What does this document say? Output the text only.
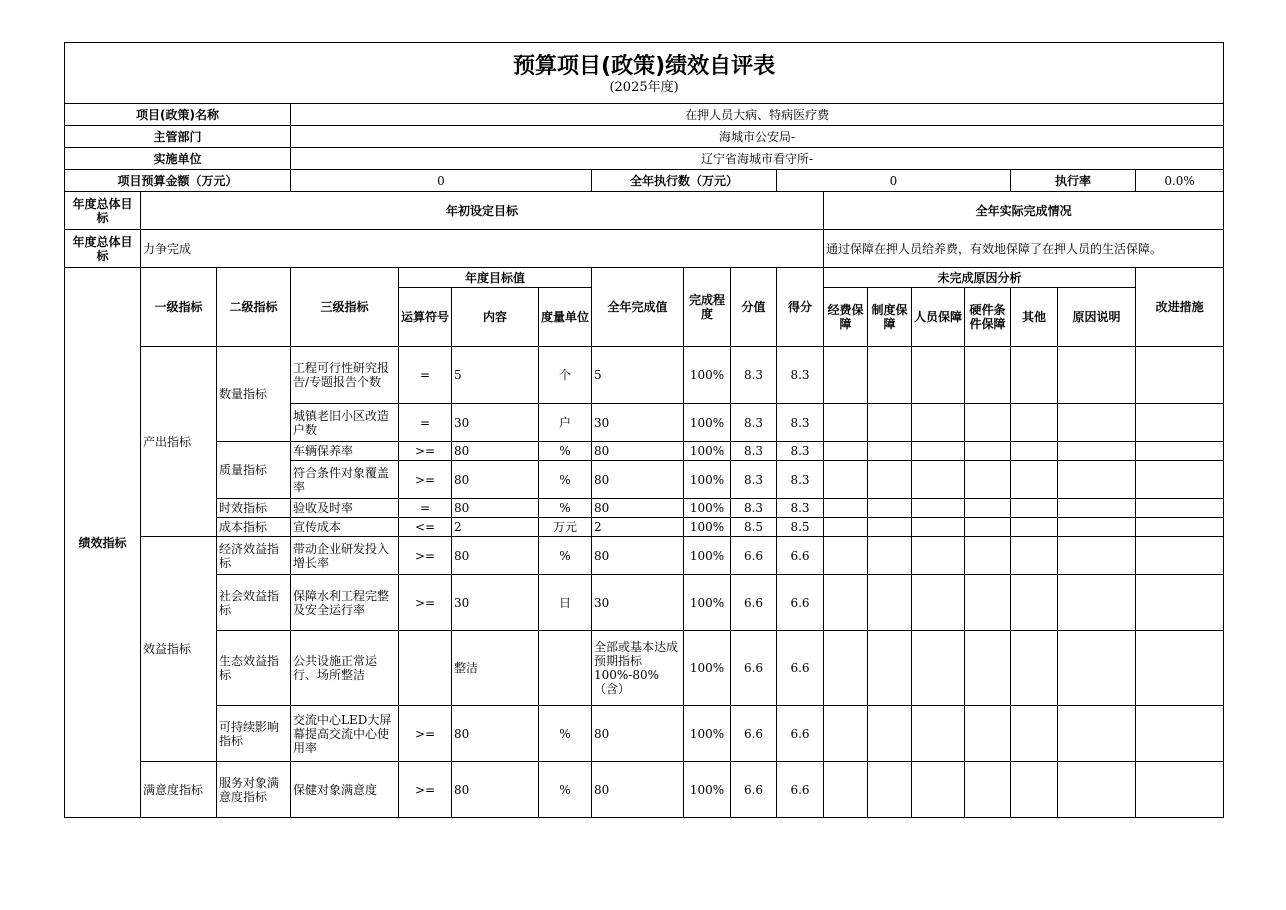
预算项目(政策)绩效自评表
(2025年度)																	

项目(政策)名称			在押人员大病、特病医疗费														
主管部门			海城市公安局-														
实施单位			辽宁省海城市看守所-														
项目预算金额（万元）			0				全年执行数（万元）			0					执行率		0.0%
年度总体目标	年初设定目标										全年实际完成情况						
年度总体目标	力争完成										通过保障在押人员给养费，有效地保障了在押人员的生活保障。						
绩效指标	一级指标	二级指标	三级指标	年度目标值			全年完成值	完成程度	分值	得分	未完成原因分析						改进措施
				运算符号	内容	度量单位					经费保障	制度保障	人员保障	硬件条件保障	其他	原因说明	
	产出指标	数量指标	工程可行性研究报告/专题报告个数	=	5	个	5	100%	8.3	8.3							
			城镇老旧小区改造户数	=	30	户	30	100%	8.3	8.3							
		质量指标	车辆保养率	>=	80	%	80	100%	8.3	8.3							
			符合条件对象覆盖率	>=	80	%	80	100%	8.3	8.3							
		时效指标	验收及时率	=	80	%	80	100%	8.3	8.3							
		成本指标	宣传成本	<=	2	万元	2	100%	8.5	8.5							
	效益指标	经济效益指标	带动企业研发投入增长率	>=	80	%	80	100%	6.6	6.6							
		社会效益指标	保障水利工程完整及安全运行率	>=	30	日	30	100%	6.6	6.6							
		生态效益指标	公共设施正常运行、场所整洁		整洁		全部或基本达成预期指标100%-80%（含）	100%	6.6	6.6							
		可持续影响指标	交流中心LED大屏幕提高交流中心使用率	>=	80	%	80	100%	6.6	6.6							
	满意度指标	服务对象满意度指标	保健对象满意度	>=	80	%	80	100%	6.6	6.6							
